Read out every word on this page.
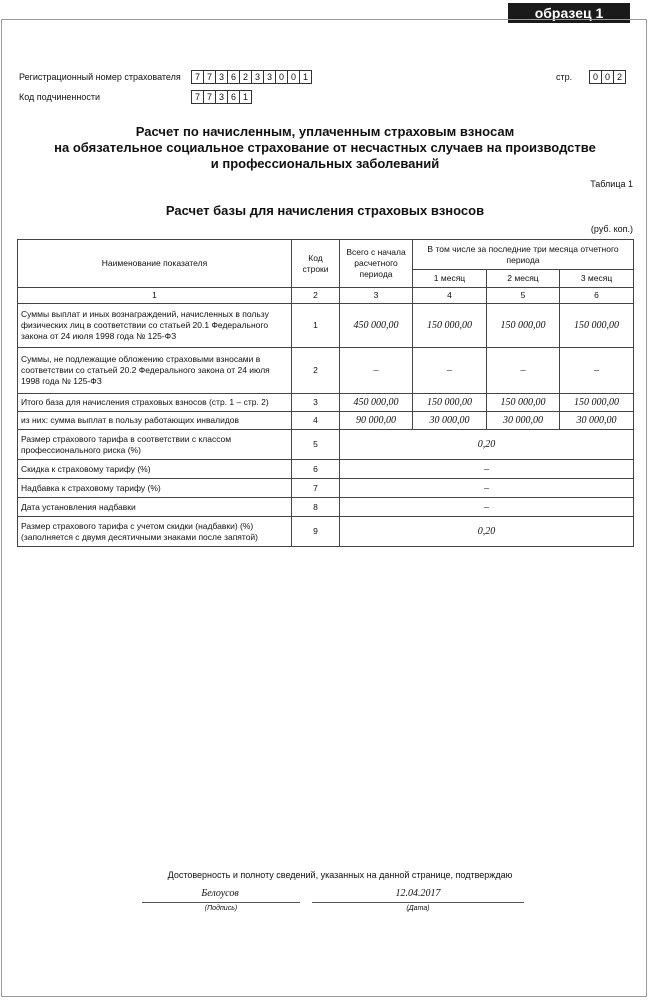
образец 1
Регистрационный номер страхователя	7 7 3 6 2 3 3 0 0 1	стр.	0 0 2
Код подчиненности	7 7 3 6 1
Расчет по начисленным, уплаченным страховым взносам
на обязательное социальное страхование от несчастных случаев на производстве
и профессиональных заболеваний
Таблица 1
Расчет базы для начисления страховых взносов
(руб. коп.)
Наименование показателя	Код строки	Всего с начала расчетного периода	В том числе за последние три месяца отчетного периода		
			1 месяц	2 месяц	3 месяц
1	2	3	4	5	6
Суммы выплат и иных вознаграждений, начисленных в пользу физических лиц в соответствии со статьей 20.1 Федерального закона от 24 июля 1998 года № 125-ФЗ	1	450 000,00	150 000,00	150 000,00	150 000,00
Суммы, не подлежащие обложению страховыми взносами в соответствии со статьей 20.2 Федерального закона от 24 июля 1998 года № 125-ФЗ	2	–	–	–	–
Итого база для начисления страховых взносов (стр. 1 – стр. 2)	3	450 000,00	150 000,00	150 000,00	150 000,00
из них: сумма выплат в пользу работающих инвалидов	4	90 000,00	30 000,00	30 000,00	30 000,00
Размер страхового тарифа в соответствии с классом профессионального риска (%)	5	0,20			
Скидка к страховому тарифу (%)	6	–			
Надбавка к страховому тарифу (%)	7	–			
Дата установления надбавки	8	–			
Размер страхового тарифа с учетом скидки (надбавки) (%) (заполняется с двумя десятичными знаками после запятой)	9	0,20			
Достоверность и полноту сведений, указанных на данной странице, подтверждаю
Белоусов
(Подпись)
12.04.2017
(Дата)
